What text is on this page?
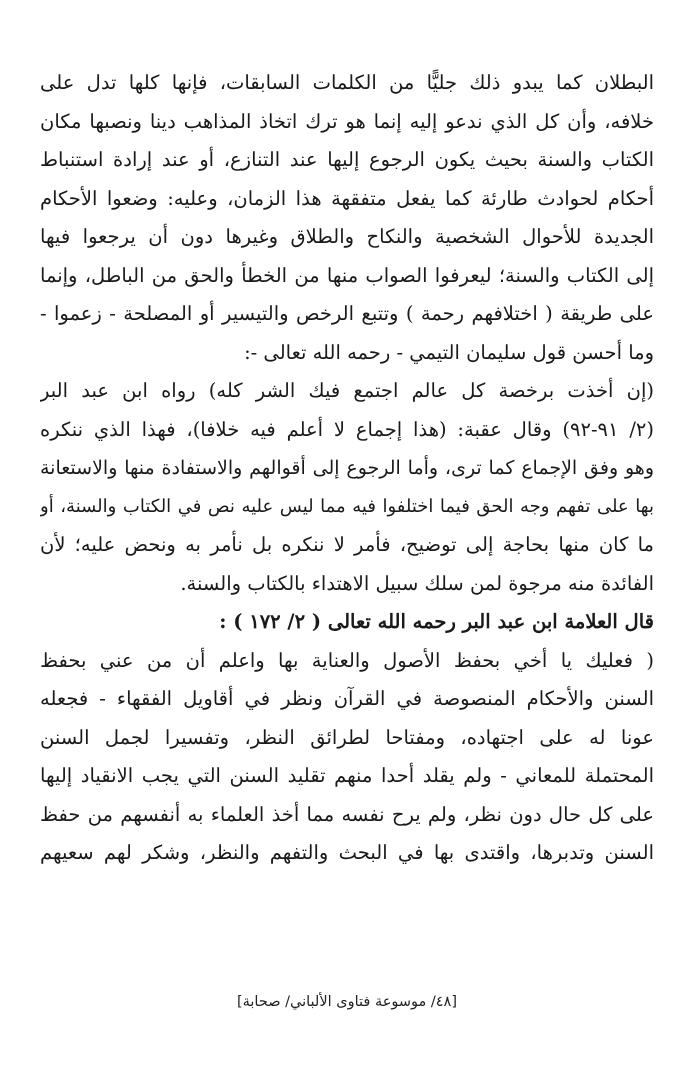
البطلان كما يبدو ذلك جليًّا من الكلمات السابقات، فإنها كلها تدل على
خلافه، وأن كل الذي ندعو إليه إنما هو ترك اتخاذ المذاهب دينا ونصبها مكان
الكتاب والسنة بحيث يكون الرجوع إليها عند التنازع، أو عند إرادة استنباط
أحكام لحوادث طارئة كما يفعل متفقهة هذا الزمان، وعليه: وضعوا الأحكام
الجديدة للأحوال الشخصية والنكاح والطلاق وغيرها دون أن يرجعوا فيها
إلى الكتاب والسنة؛ ليعرفوا الصواب منها من الخطأ والحق من الباطل، وإنما
على طريقة ( اختلافهم رحمة ) وتتبع الرخص والتيسير أو المصلحة - زعموا -
وما أحسن قول سليمان التيمي - رحمه الله تعالى -:
(إن أخذت برخصة كل عالم اجتمع فيك الشر كله) رواه ابن عبد البر
(٢/ ٩١-٩٢) وقال عقبة: (هذا إجماع لا أعلم فيه خلافا)، فهذا الذي ننكره
وهو وفق الإجماع كما ترى، وأما الرجوع إلى أقوالهم والاستفادة منها والاستعانة
بها على تفهم وجه الحق فيما اختلفوا فيه مما ليس عليه نص في الكتاب والسنة، أو
ما كان منها بحاجة إلى توضيح، فأمر لا ننكره بل نأمر به ونحض عليه؛ لأن
الفائدة منه مرجوة لمن سلك سبيل الاهتداء بالكتاب والسنة.
قال العلامة ابن عبد البر رحمه الله تعالى ( ٢/ ١٧٢ ) :
( فعليك يا أخي بحفظ الأصول والعناية بها واعلم أن من عني بحفظ
السنن والأحكام المنصوصة في القرآن ونظر في أقاويل الفقهاء - فجعله
عونا له على اجتهاده، ومفتاحا لطرائق النظر، وتفسيرا لجمل السنن
المحتملة للمعاني - ولم يقلد أحدا منهم تقليد السنن التي يجب الانقياد إليها
على كل حال دون نظر، ولم يرح نفسه مما أخذ العلماء به أنفسهم من حفظ
السنن وتدبرها، واقتدى بها في البحث والتفهم والنظر، وشكر لهم سعيهم
[٤٨/ موسوعة فتاوى الألباني/ صحابة]
